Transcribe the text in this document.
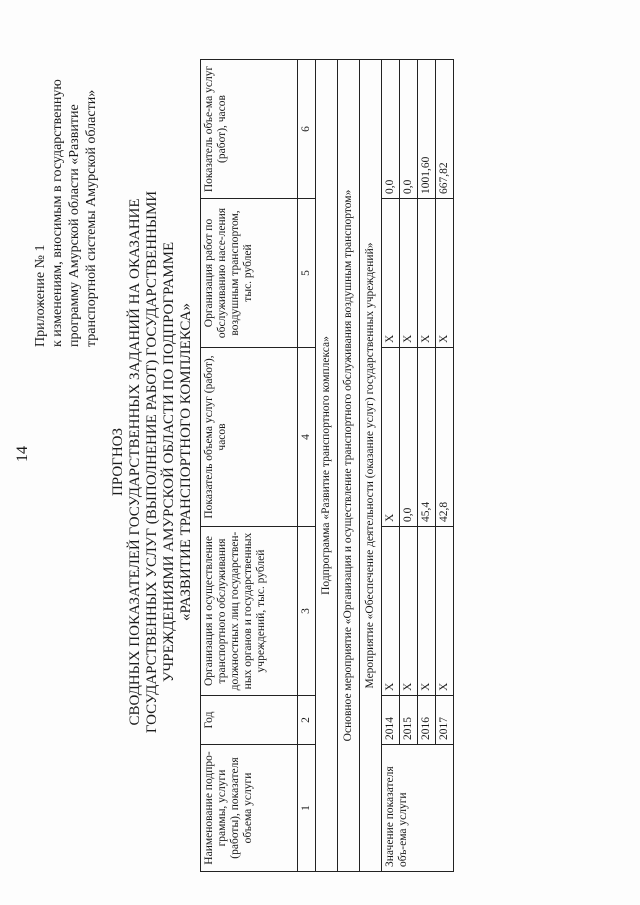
14
Приложение № 1 к изменениям, вносимым в государственную программу Амурской области «Развитие транспортной системы Амурской области»
ПРОГНОЗ СВОДНЫХ ПОКАЗАТЕЛЕЙ ГОСУДАРСТВЕННЫХ ЗАДАНИЙ НА ОКАЗАНИЕ ГОСУДАРСТВЕННЫХ УСЛУГ (ВЫПОЛНЕНИЕ РАБОТ) ГОСУДАРСТВЕННЫМИ УЧРЕЖДЕНИЯМИ АМУРСКОЙ ОБЛАСТИ ПО ПОДПРОГРАММЕ «РАЗВИТИЕ ТРАНСПОРТНОГО КОМПЛЕКСА»
Наименование подпро-граммы, услуги (работы), показателя объема услуги	Год	Организация и осуществление транспортного обслуживания должностных лиц государствен-ных органов и государственных учреждений, тыс. рублей	Показатель объема услуг (работ), часов	Организация работ по обслуживанию насе-ления воздушным транспортом, тыс. рублей	Показатель объе-ма услуг (работ), часов
1	2	3	4	5	6
Подпрограмма «Развитие транспортного комплекса»					
Основное мероприятие «Организация и осуществление транспортного обслуживания воздушным транспортом»					
Мероприятие «Обеспечение деятельности (оказание услуг) государственных учреждений»					
Значение показателя объ-ема услуги	2014	X	X	X	0,0
	2015	X	0,0	X	0,0
	2016	X	45,4	X	1001,60
	2017	X	42,8	X	667,82
